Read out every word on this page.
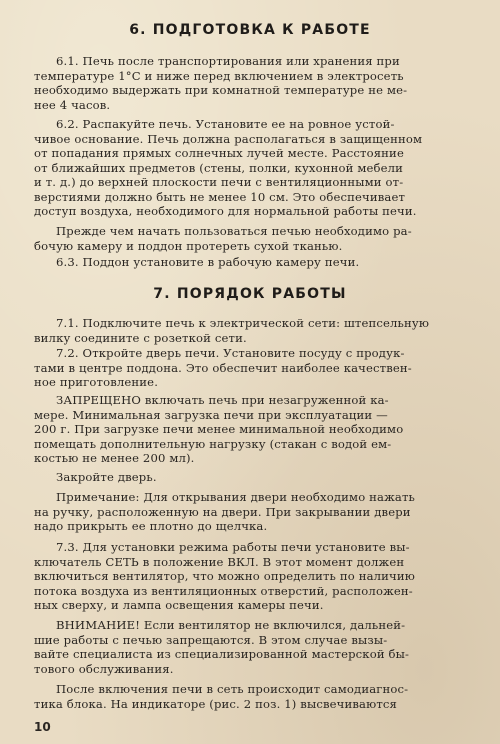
6. ПОДГОТОВКА К РАБОТЕ
6.1. Печь после транспортирования или хранения при
температуре 1°С и ниже перед включением в электросеть
необходимо выдержать при комнатной температуре не ме-
нее 4 часов.
6.2. Распакуйте печь. Установите ее на ровное устой-
чивое основание. Печь должна располагаться в защищенном
от попадания прямых солнечных лучей месте. Расстояние
от ближайших предметов (стены, полки, кухонной мебели
и т. д.) до верхней плоскости печи с вентиляционными от-
верстиями должно быть не менее 10 см. Это обеспечивает
доступ воздуха, необходимого для нормальной работы печи.
Прежде чем начать пользоваться печью необходимо ра-
бочую камеру и поддон протереть сухой тканью.
6.3. Поддон установите в рабочую камеру печи.
7. ПОРЯДОК РАБОТЫ
7.1. Подключите печь к электрической сети: штепсельную
вилку соедините с розеткой сети.
7.2. Откройте дверь печи. Установите посуду с продук-
тами в центре поддона. Это обеспечит наиболее качествен-
ное приготовление.
ЗАПРЕЩЕНО включать печь при незагруженной ка-
мере. Минимальная загрузка печи при эксплуатации —
200 г. При загрузке печи менее минимальной необходимо
помещать дополнительную нагрузку (стакан с водой ем-
костью не менее 200 мл).
Закройте дверь.
Примечание: Для открывания двери необходимо нажать
на ручку, расположенную на двери. При закрывании двери
надо прикрыть ее плотно до щелчка.
7.3. Для установки режима работы печи установите вы-
ключатель СЕТЬ в положение ВКЛ. В этот момент должен
включиться вентилятор, что можно определить по наличию
потока воздуха из вентиляционных отверстий, расположен-
ных сверху, и лампа освещения камеры печи.
ВНИМАНИЕ! Если вентилятор не включился, дальней-
шие работы с печью запрещаются. В этом случае вызы-
вайте специалиста из специализированной мастерской бы-
тового обслуживания.
После включения печи в сеть происходит самодиагнос-
тика блока. На индикаторе (рис. 2 поз. 1) высвечиваются
10
